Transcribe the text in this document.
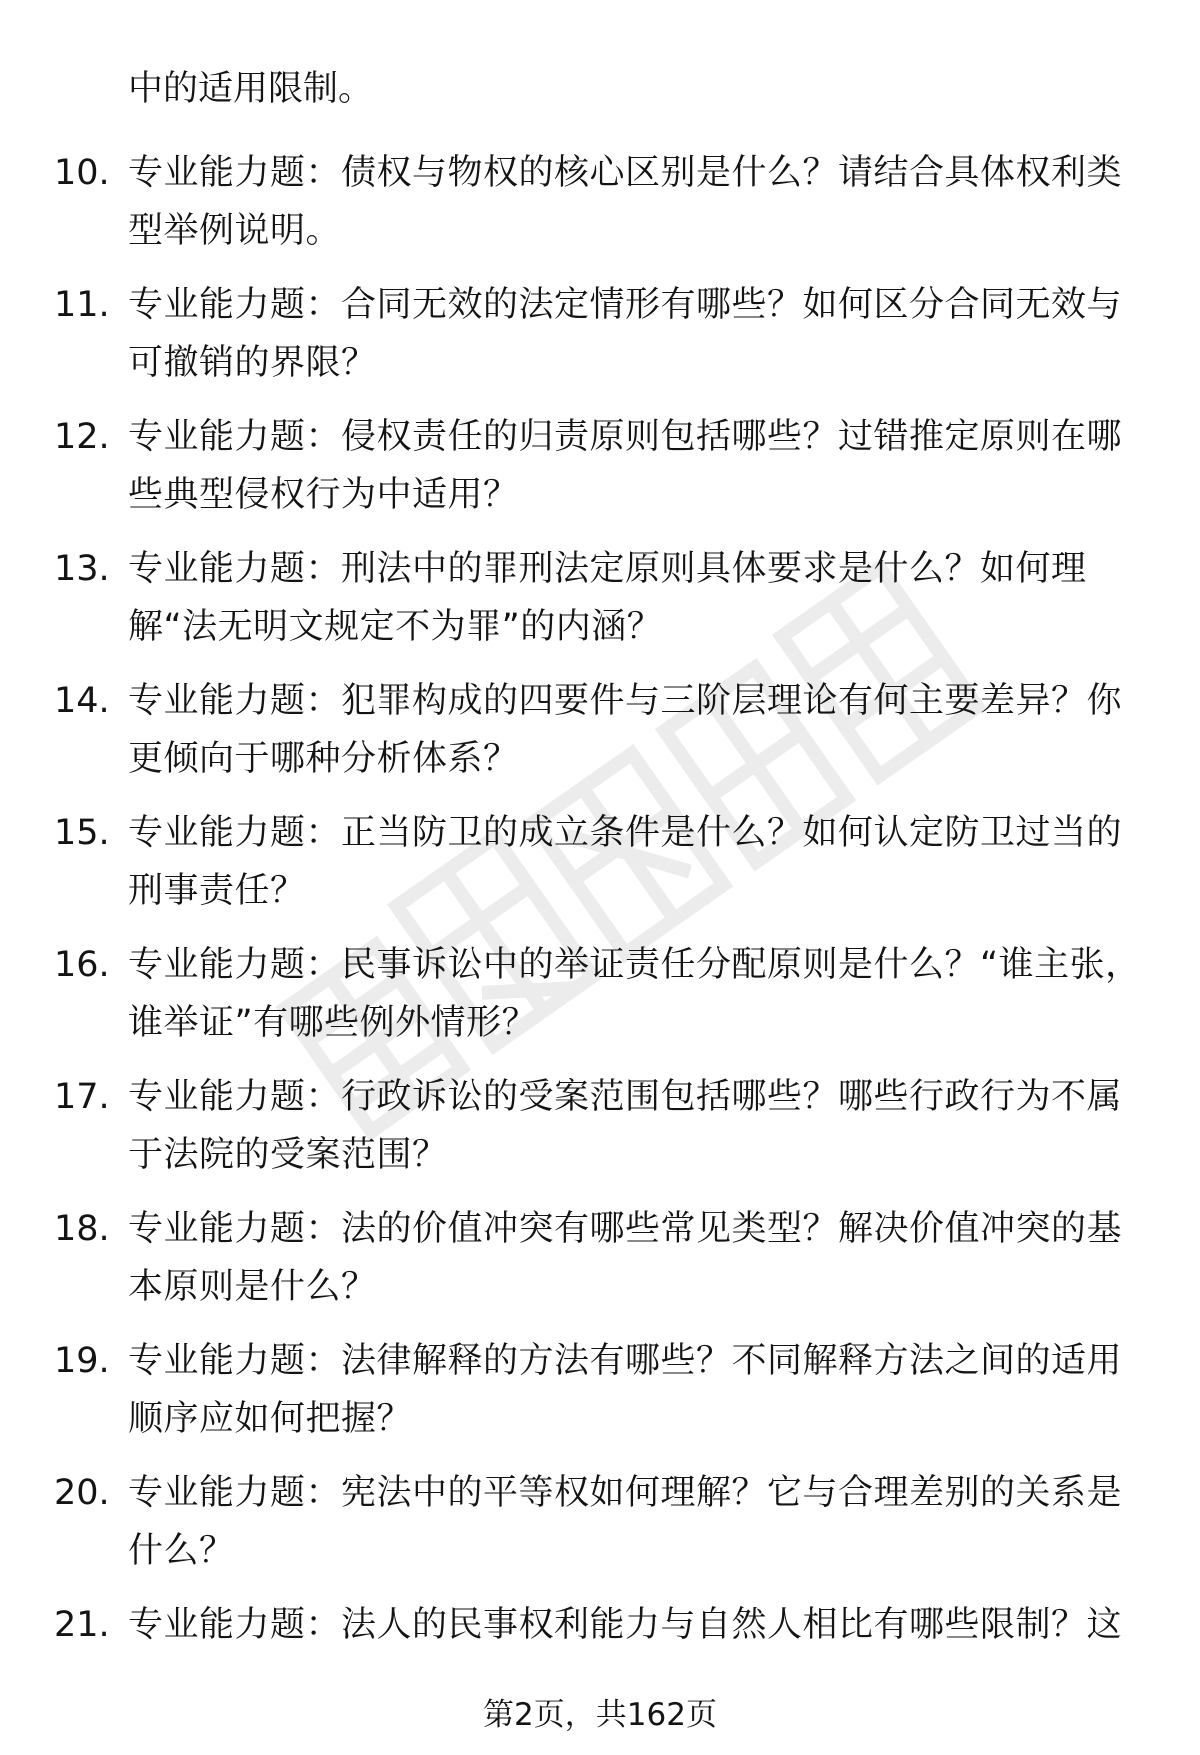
中的适用限制。
10. 专业能力题：债权与物权的核心区别是什么？请结合具体权利类型举例说明。
11. 专业能力题：合同无效的法定情形有哪些？如何区分合同无效与可撤销的界限？
12. 专业能力题：侵权责任的归责原则包括哪些？过错推定原则在哪些典型侵权行为中适用？
13. 专业能力题：刑法中的罪刑法定原则具体要求是什么？如何理解“法无明文规定不为罪”的内涵？
14. 专业能力题：犯罪构成的四要件与三阶层理论有何主要差异？你更倾向于哪种分析体系？
15. 专业能力题：正当防卫的成立条件是什么？如何认定防卫过当的刑事责任？
16. 专业能力题：民事诉讼中的举证责任分配原则是什么？“谁主张，谁举证”有哪些例外情形？
17. 专业能力题：行政诉讼的受案范围包括哪些？哪些行政行为不属于法院的受案范围？
18. 专业能力题：法的价值冲突有哪些常见类型？解决价值冲突的基本原则是什么？
19. 专业能力题：法律解释的方法有哪些？不同解释方法之间的适用顺序应如何把握？
20. 专业能力题：宪法中的平等权如何理解？它与合理差别的关系是什么？
21. 专业能力题：法人的民事权利能力与自然人相比有哪些限制？这
第2页，共162页
